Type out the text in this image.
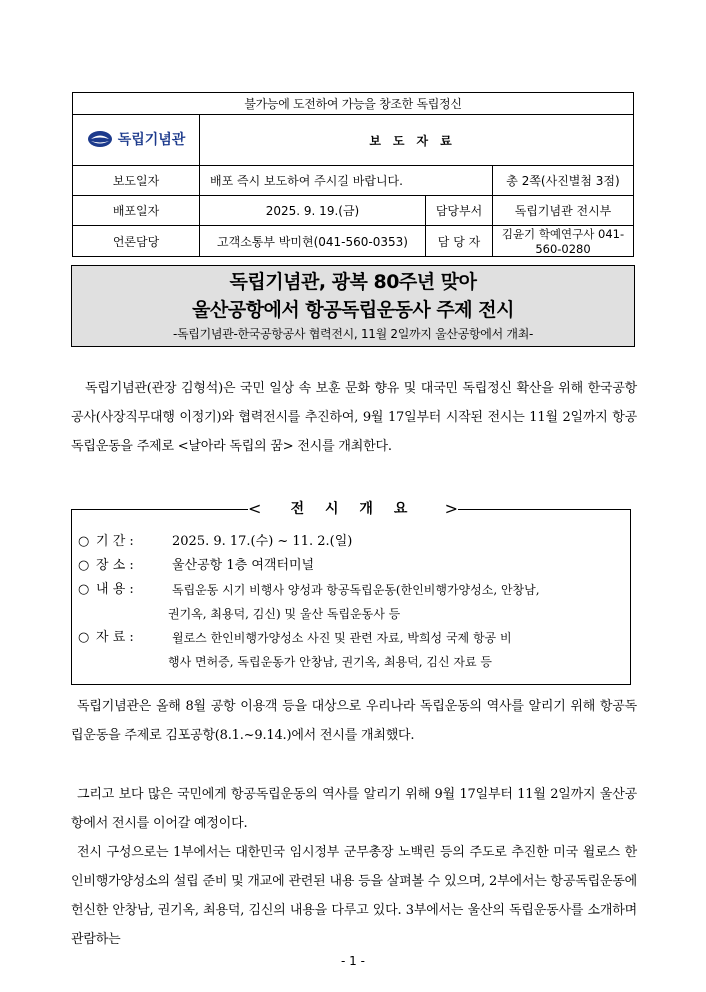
불가능에 도전하여 가능을 창조한 독립정신			

독립기념관	보도자료		
보도일자	배포 즉시 보도하여 주시길 바랍니다.		총 2쪽(사진별첨 3점)
배포일자	2025. 9. 19.(금)	담당부서	독립기념관 전시부
언론담당	고객소통부 박미현(041-560-0353)	담 당 자	김윤기 학예연구사 041-560-0280
독립기념관, 광복 80주년 맞아
울산공항에서 항공독립운동사 주제 전시
-독립기념관-한국공항공사 협력전시, 11월 2일까지 울산공항에서 개최-

독립기념관(관장 김형석)은 국민 일상 속 보훈 문화 향유 및 대국민 독립정신 확산을 위해 한국공항공사(사장직무대행 이정기)와 협력전시를 추진하여, 9월 17일부터 시작된 전시는 11월 2일까지 항공독립운동을 주제로 <날아라 독립의 꿈> 전시를 개최한다.

○ 기 간 :	2025. 9. 17.(수) ~ 11. 2.(일)
○ 장 소 :	울산공항 1층 여객터미널
○ 내 용 :	독립운동 시기 비행사 양성과 항공독립운동(한인비행가양성소, 안창남,
권기옥, 최용덕, 김신) 및 울산 독립운동사 등
○ 자 료 :	윌로스 한인비행가양성소 사진 및 관련 자료, 박희성 국제 항공 비
행사 면허증, 독립운동가 안창남, 권기옥, 최용덕, 김신 자료 등
< 전 시 개 요 >

독립기념관은 올해 8월 공항 이용객 등을 대상으로 우리나라 독립운동의 역사를 알리기 위해 항공독립운동을 주제로 김포공항(8.1.~9.14.)에서 전시를 개최했다.

그리고 보다 많은 국민에게 항공독립운동의 역사를 알리기 위해 9월 17일부터 11월 2일까지 울산공항에서 전시를 이어갈 예정이다.

전시 구성으로는 1부에서는 대한민국 임시정부 군무총장 노백린 등의 주도로 추진한 미국 윌로스 한인비행가양성소의 설립 준비 및 개교에 관련된 내용 등을 살펴볼 수 있으며, 2부에서는 항공독립운동에 헌신한 안창남, 권기옥, 최용덕, 김신의 내용을 다루고 있다. 3부에서는 울산의 독립운동사를 소개하며 관람하는

- 1 -
